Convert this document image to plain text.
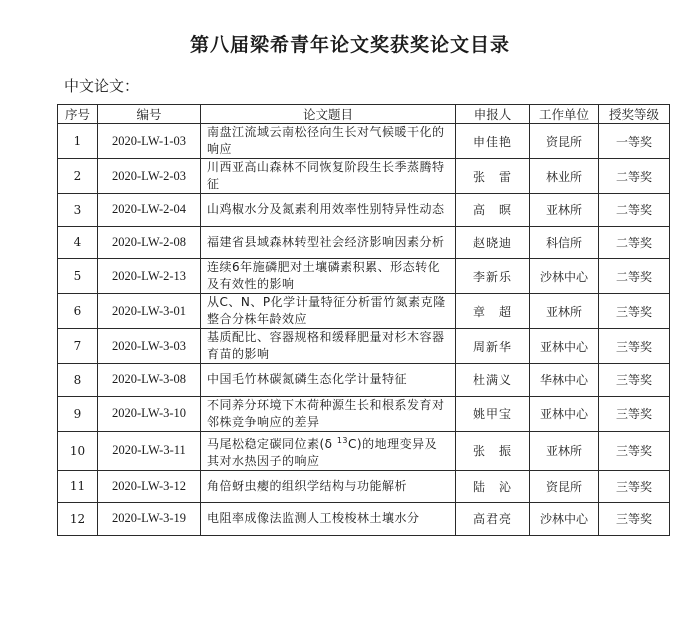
第八届梁希青年论文奖获奖论文目录
中文论文：
序号	编号	论文题目	申报人	工作单位	授奖等级
1	2020-LW-1-03	南盘江流域云南松径向生长对气候暖干化的响应	申佳艳	资昆所	一等奖
2	2020-LW-2-03	川西亚高山森林不同恢复阶段生长季蒸腾特征	张　雷	林业所	二等奖
3	2020-LW-2-04	山鸡椒水分及氮素利用效率性别特异性动态	高　暝	亚林所	二等奖
4	2020-LW-2-08	福建省县域森林转型社会经济影响因素分析	赵晓迪	科信所	二等奖
5	2020-LW-2-13	连续6年施磷肥对土壤磷素积累、形态转化及有效性的影响	李新乐	沙林中心	二等奖
6	2020-LW-3-01	从C、N、P化学计量特征分析雷竹氮素克隆整合分株年龄效应	章　超	亚林所	三等奖
7	2020-LW-3-03	基质配比、容器规格和缓释肥量对杉木容器育苗的影响	周新华	亚林中心	三等奖
8	2020-LW-3-08	中国毛竹林碳氮磷生态化学计量特征	杜满义	华林中心	三等奖
9	2020-LW-3-10	不同养分环境下木荷种源生长和根系发育对邻株竞争响应的差异	姚甲宝	亚林中心	三等奖
10	2020-LW-3-11	马尾松稳定碳同位素(δ $^{13}$C)的地理变异及其对水热因子的响应	张　振	亚林所	三等奖
11	2020-LW-3-12	角倍蚜虫瘿的组织学结构与功能解析	陆　沁	资昆所	三等奖
12	2020-LW-3-19	电阻率成像法监测人工梭梭林土壤水分	高君亮	沙林中心	三等奖
